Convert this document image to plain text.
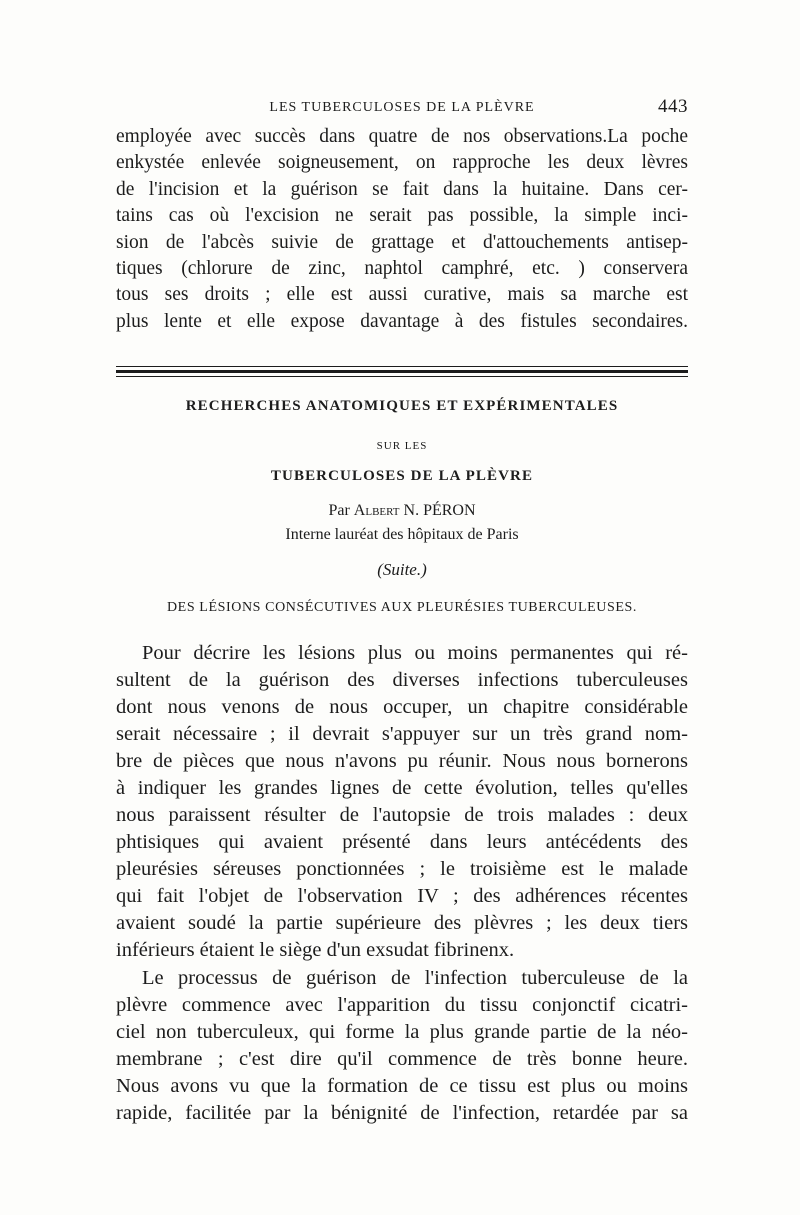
LES TUBERCULOSES DE LA PLÈVRE	443
employée avec succès dans quatre de nos observations.La poche
enkystée enlevée soigneusement, on rapproche les deux lèvres
de l'incision et la guérison se fait dans la huitaine. Dans cer-
tains cas où l'excision ne serait pas possible, la simple inci-
sion de l'abcès suivie de grattage et d'attouchements antisep-
tiques (chlorure de zinc, naphtol camphré, etc. ) conservera
tous ses droits ; elle est aussi curative, mais sa marche est
plus lente et elle expose davantage à des fistules secondaires.

RECHERCHES ANATOMIQUES ET EXPÉRIMENTALES

SUR LES

TUBERCULOSES DE LA PLÈVRE

Par Albert N. PÉRON

Interne lauréat des hôpitaux de Paris

(Suite.)

DES LÉSIONS CONSÉCUTIVES AUX PLEURÉSIES TUBERCULEUSES.

Pour décrire les lésions plus ou moins permanentes qui ré-
sultent de la guérison des diverses infections tuberculeuses
dont nous venons de nous occuper, un chapitre considérable
serait nécessaire ; il devrait s'appuyer sur un très grand nom-
bre de pièces que nous n'avons pu réunir. Nous nous bornerons
à indiquer les grandes lignes de cette évolution, telles qu'elles
nous paraissent résulter de l'autopsie de trois malades : deux
phtisiques qui avaient présenté dans leurs antécédents des
pleurésies séreuses ponctionnées ; le troisième est le malade
qui fait l'objet de l'observation IV ; des adhérences récentes
avaient soudé la partie supérieure des plèvres ; les deux tiers
inférieurs étaient le siège d'un exsudat fibrinenx.
Le processus de guérison de l'infection tuberculeuse de la
plèvre commence avec l'apparition du tissu conjonctif cicatri-
ciel non tuberculeux, qui forme la plus grande partie de la néo-
membrane ; c'est dire qu'il commence de très bonne heure.
Nous avons vu que la formation de ce tissu est plus ou moins
rapide, facilitée par la bénignité de l'infection, retardée par sa
